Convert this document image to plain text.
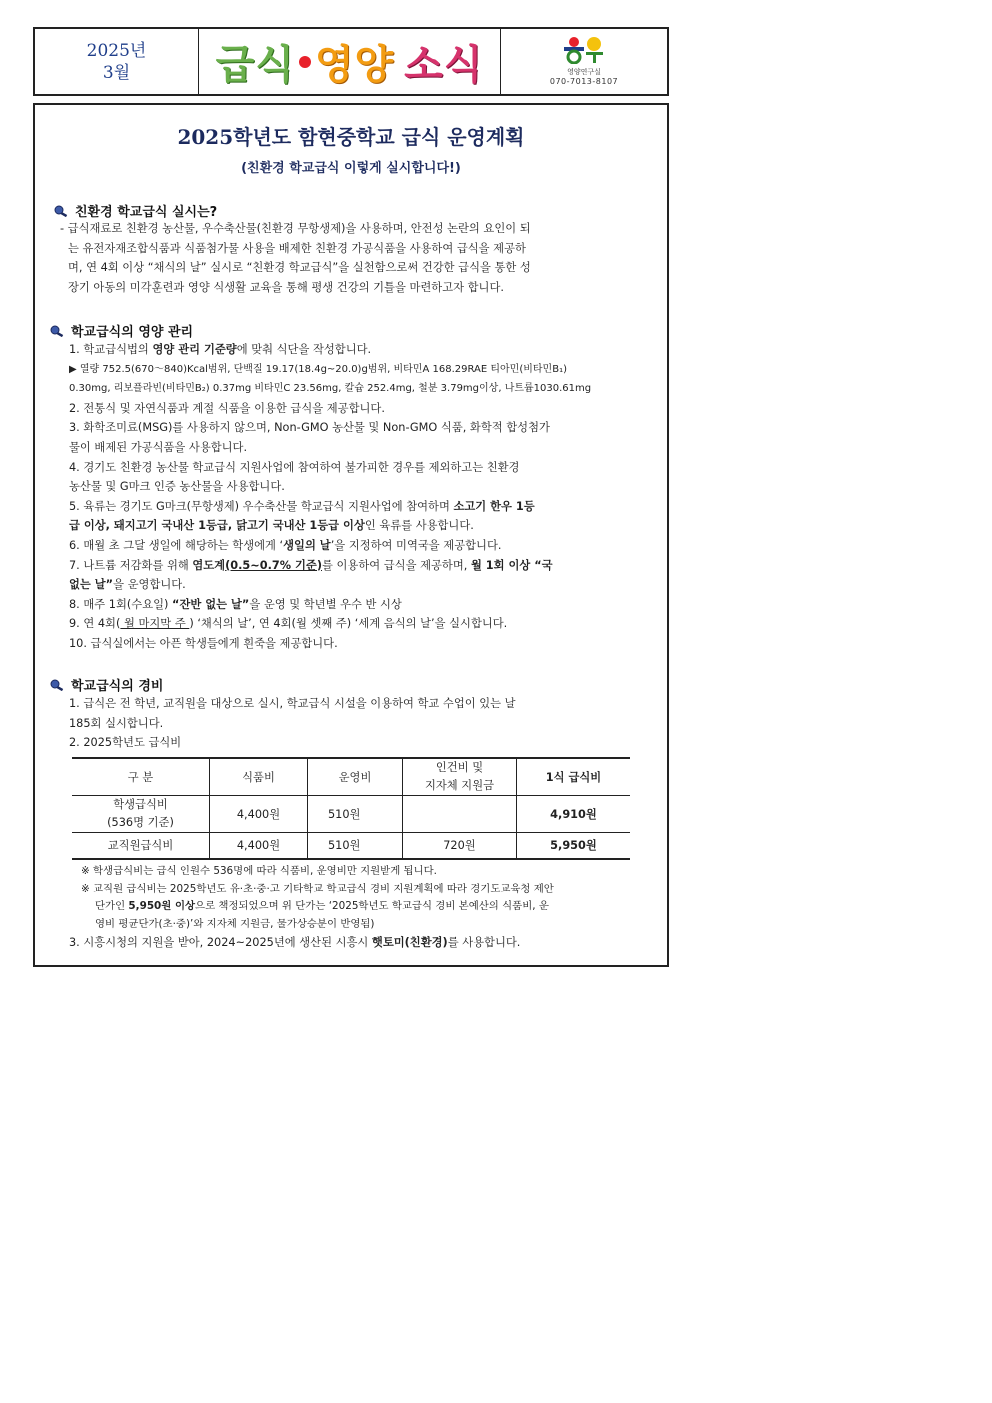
2025년
3월 급식 영양 소식	영양연구실
070-7013-8107
2025학년도 함현중학교 급식 운영계획
(친환경 학교급식 이렇게 실시합니다!)
친환경 학교급식 실시는?
- 급식재료로 친환경 농산물, 우수축산물(친환경 무항생제)을 사용하며, 안전성 논란의 요인이 되
는 유전자재조합식품과 식품첨가물 사용을 배제한 친환경 가공식품을 사용하여 급식을 제공하
며, 연 4회 이상 “채식의 날” 실시로 “친환경 학교급식”을 실천함으로써 건강한 급식을 통한 성
장기 아동의 미각훈련과 영양 식생활 교육을 통해 평생 건강의 기틀을 마련하고자 합니다.
학교급식의 영양 관리
1. 학교급식법의 영양 관리 기준량에 맞춰 식단을 작성합니다.
▶ 열량 752.5(670～840)Kcal범위, 단백질 19.17(18.4g~20.0)g범위, 비타민A 168.29RAE 티아민(비타민B₁)
0.30mg, 리보플라빈(비타민B₂) 0.37mg 비타민C 23.56mg, 칼슘 252.4mg, 철분 3.79mg이상, 나트륨1030.61mg
2. 전통식 및 자연식품과 계절 식품을 이용한 급식을 제공합니다.
3. 화학조미료(MSG)를 사용하지 않으며, Non-GMO 농산물 및 Non-GMO 식품, 화학적 합성첨가
물이 배제된 가공식품을 사용합니다.
4. 경기도 친환경 농산물 학교급식 지원사업에 참여하여 불가피한 경우를 제외하고는 친환경
농산물 및 G마크 인증 농산물을 사용합니다.
5. 육류는 경기도 G마크(무항생제) 우수축산물 학교급식 지원사업에 참여하며 소고기 한우 1등
급 이상, 돼지고기 국내산 1등급, 닭고기 국내산 1등급 이상인 육류를 사용합니다.
6. 매월 초 그달 생일에 해당하는 학생에게 ‘생일의 날’을 지정하여 미역국을 제공합니다.
7. 나트륨 저감화를 위해 염도계(0.5~0.7% 기준)를 이용하여 급식을 제공하며, 월 1회 이상 “국
없는 날”을 운영합니다.
8. 매주 1회(수요일) “잔반 없는 날”을 운영 및 학년별 우수 반 시상
9. 연 4회( 월 마지막 주 ) ‘채식의 날’, 연 4회(월 셋째 주) ‘세계 음식의 날’을 실시합니다.
10. 급식실에서는 아픈 학생들에게 흰죽을 제공합니다.
학교급식의 경비
1. 급식은 전 학년, 교직원을 대상으로 실시, 학교급식 시설을 이용하여 학교 수업이 있는 날
185회 실시합니다.
2. 2025학년도 급식비
구 분	식품비	운영비	인건비 및
지자체 지원금	1식 급식비
학생급식비
(536명 기준)	4,400원	510원		4,910원
교직원급식비	4,400원	510원	720원	5,950원
※ 학생급식비는 급식 인원수 536명에 따라 식품비, 운영비만 지원받게 됩니다.
※ 교직원 급식비는 2025학년도 유·초·중·고 기타학교 학교급식 경비 지원계획에 따라 경기도교육청 제안
단가인 5,950원 이상으로 책정되었으며 위 단가는 ‘2025학년도 학교급식 경비 본예산의 식품비, 운
영비 평균단가(초·중)’와 지자체 지원금, 물가상승분이 반영됨)
3. 시흥시청의 지원을 받아, 2024~2025년에 생산된 시흥시 햇토미(친환경)를 사용합니다.
